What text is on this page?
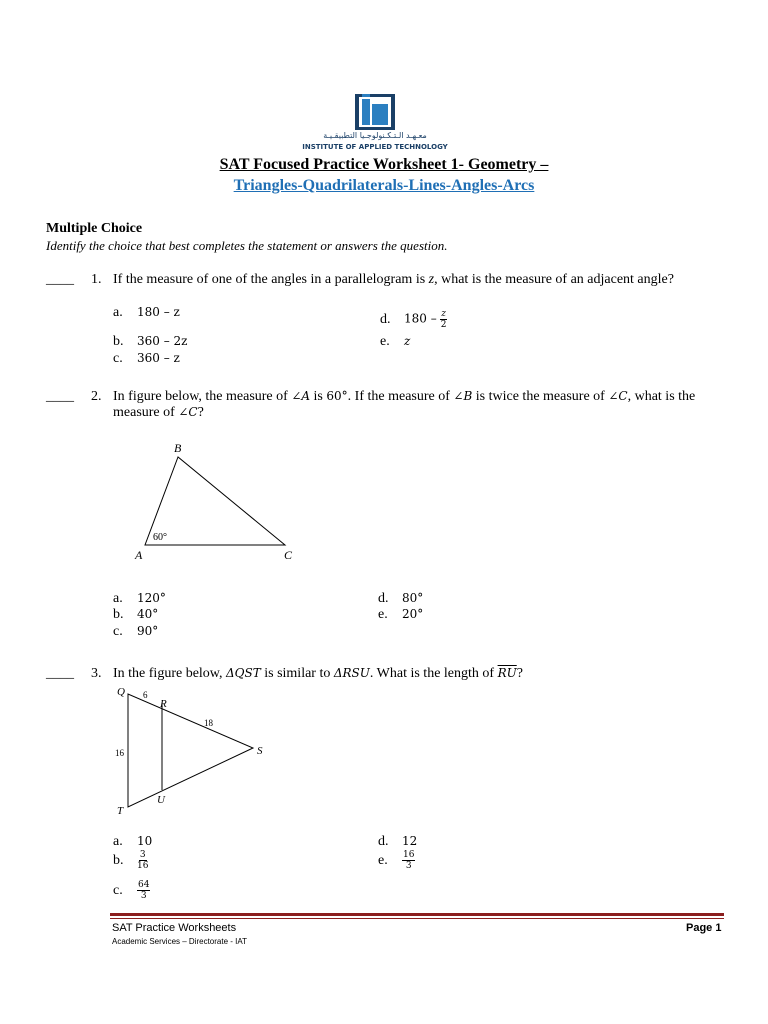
معـهـد الـتـكـنولوجـيا التطبيقـيـة
INSTITUTE OF APPLIED TECHNOLOGY
SAT Focused Practice Worksheet 1- Geometry –
Triangles-Quadrilaterals-Lines-Angles-Arcs
Multiple Choice
Identify the choice that best completes the statement or answers the question.
____ 1. If the measure of one of the angles in a parallelogram is z, what is the measure of an adjacent angle?
a. 180 – z
b. 360 – 2z
c. 360 – z
d. $180 - \frac{z}{2}$
e. z
____ 2. In figure below, the measure of ∠A is 60°. If the measure of ∠B is twice the measure of ∠C, what is the
measure of ∠C?
B
A	C
60°
a. 120°
b. 40°
c. 90°
d. 80°
e. 20°
____ 3. In the figure below, ΔQST is similar to ΔRSU. What is the length of $\overline{RU}$?
Q 6
R
18
S
16
U
T
a. 10
b. $\frac{3}{16}$
c. $\frac{64}{3}$
d. 12
e. $\frac{16}{3}$
SAT Practice Worksheets
Academic Services – Directorate - IAT
Page 1
